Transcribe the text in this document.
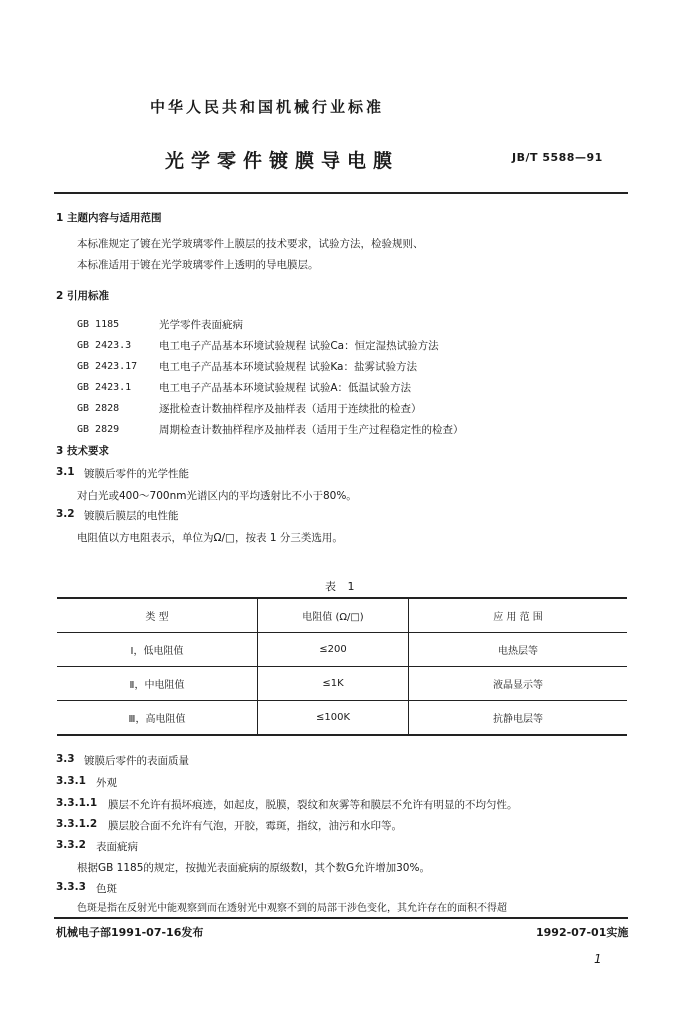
中华人民共和国机械行业标准
光学零件镀膜导电膜	JB/T 5588—91
1 主题内容与适用范围
本标准规定了镀在光学玻璃零件上膜层的技术要求，试验方法，检验规则、
本标准适用于镀在光学玻璃零件上透明的导电膜层。
2 引用标准
GB 1185	光学零件表面疵病
GB 2423.3	电工电子产品基本环境试验规程 试验Ca：恒定湿热试验方法
GB 2423.17	电工电子产品基本环境试验规程 试验Ka：盐雾试验方法
GB 2423.1	电工电子产品基本环境试验规程 试验A：低温试验方法
GB 2828	逐批检查计数抽样程序及抽样表（适用于连续批的检查）
GB 2829	周期检查计数抽样程序及抽样表（适用于生产过程稳定性的检查）
3 技术要求
3.1 镀膜后零件的光学性能
对白光或400～700nm光谱区内的平均透射比不小于80%。
3.2 镀膜后膜层的电性能
电阻值以方电阻表示，单位为Ω/□，按表 1 分三类选用。
表 1
类 型	电阻值 (Ω/□)	应 用 范 围
Ⅰ，低电阻值	≤200	电热层等
Ⅱ，中电阻值	≤1K	液晶显示等
Ⅲ，高电阻值	≤100K	抗静电层等
3.3 镀膜后零件的表面质量
3.3.1 外观
3.3.1.1 膜层不允许有损坏痕迹，如起皮，脱膜，裂纹和灰雾等和膜层不允许有明显的不均匀性。
3.3.1.2 膜层胶合面不允许有气泡，开胶，霉斑，指纹，油污和水印等。
3.3.2 表面疵病
根据GB 1185的规定，按抛光表面疵病的原级数I，其个数G允许增加30%。
3.3.3 色斑
色斑是指在反射光中能观察到而在透射光中观察不到的局部干涉色变化，其允许存在的面积不得超
机械电子部1991-07-16发布	1992-07-01实施
1
